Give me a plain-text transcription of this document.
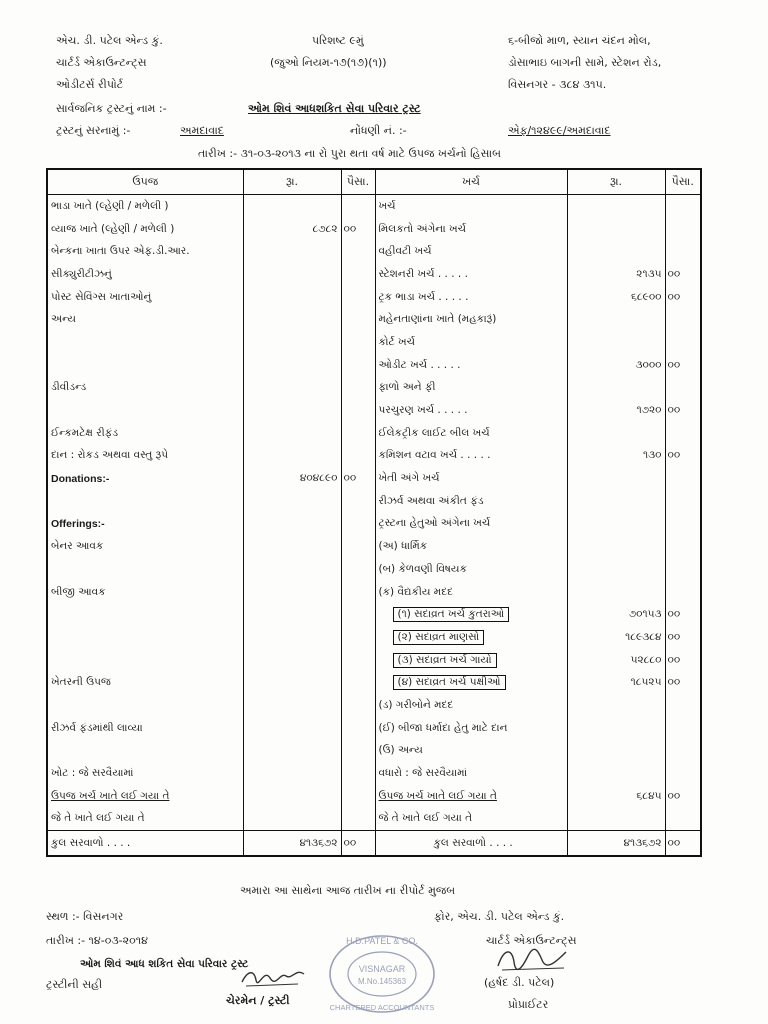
એચ. ડી. પટેલ એન્ડ કું.
ચાર્ટર્ડ એકાઉન્ટન્ટ્સ
ઓડીટર્સ રીપોર્ટ
પરિશષ્ટ ૯મું
(જુઓ નિયમ-૧૭(૧૭)(૧))
૬-બીજો માળ, સ્યાન ચંદન મોલ,
ડોસાભાઇ બાગની સામે, સ્ટેશન રોડ,
વિસનગર - ૩૮૪ ૩૧૫.
સાર્વજનિક ટ્રસ્ટનું નામ :-	ઓમ શિવં આધશકિત સેવા પરિવાર ટ્રસ્ટ
ટ્રસ્ટનું સરનામું :-	અમદાવાદ	નોંધણી નં. :-	એફ/૧૨૪૯૯/અમદાવાદ
તારીખ :- ૩૧-૦૩-૨૦૧૩ ના રો પુરા થતા વર્ષ માટે ઉપજ ખર્ચનો હિસાબ
ઉપજ	રૂા.	પૈસા.	ખર્ચ	રૂા.	પૈસા.
ભાડા ખાતે (લ્હેણી / મળેલી )			ખર્ચ		
વ્યાજ ખાતે (લ્હેણી / મળેલી )	૮૭૮૨	૦૦	મિલકતો અંગેના ખર્ચ		
બેન્કના ખાતા ઉપર એફ.ડી.આર.			વહીવટી ખર્ચ		
સીક્યુરીટીઝનું			સ્ટેશનરી ખર્ચ . . . . .	૨૧૩૫	૦૦
પોસ્ટ સેવિંગ્સ ખાતાઓનું			ટ્રક ભાડા ખર્ચ . . . . .	૬૮૯૦૦	૦૦
અન્ય			મહેનતાણાંના ખાતે (મહકારૂં)		
			કોર્ટ ખર્ચ		
			ઓડીટ ખર્ચ . . . . .	૩૦૦૦	૦૦
ડીવીડન્ડ			ફાળો અને ફી		
			પરચુરણ ખર્ચ . . . . .	૧૭૨૦	૦૦
ઈન્કમટેક્ષ રીફંડ			ઈલેકટ્રીક લાઈટ બીલ ખર્ચ		
દાન : રોકડ અથવા વસ્તુ રૂપે			કમિશન વટાવ ખર્ચ . . . . .	૧૩૦	૦૦
Donations:-	૪૦૪૮૯૦	૦૦	ખેતી અંગે ખર્ચ		
			રીઝર્વ અથવા અંકીત ફંડ		
Offerings:-			ટ્રસ્ટના હેતુઓ અંગેના ખર્ચ		
બેનર આવક			(અ) ધાર્મિક		
			(બ) કેળવણી વિષયક		
બીજી આવક			(ક) વૈદ્યકીય મદદ		
			(૧) સદાવ્રત ખર્ચ કુતરાઓ	૭૦૧૫૩	૦૦
			(૨) સદાવ્રત માણસો	૧૮૯૩૮૪	૦૦
			(૩) સદાવ્રત ખર્ચ ગાયો	૫૨૮૮૦	૦૦
ખેતરની ઉપજ			(૪) સદાવ્રત ખર્ચ પક્ષીઓ	૧૮૫૨૫	૦૦
			(ડ) ગરીબોને મદદ		
રીઝર્વ ફંડમાંથી લાવ્યા			(ઈ) બીજા ધર્માદા હેતુ માટે દાન		
			(ઉ) અન્ય		
ખોટ : જે સરવૈયામાં			વધારો : જે સરવૈયામાં		
ઉપજ ખર્ચ ખાતે લઈ ગયા તે			ઉપજ ખર્ચ ખાતે લઈ ગયા તે	૬૮૪૫	૦૦
જે તે ખાતે લઈ ગયા તે			જે તે ખાતે લઈ ગયા તે		
કુલ સરવાળો . . . .	૪૧૩૬૭૨	૦૦	કુલ સરવાળો . . . .	૪૧૩૬૭૨	૦૦
અમારા આ સાથેના આજ તારીખ ના રીપોર્ટ મુજબ
સ્થળ :- વિસનગર
તારીખ :- ૧૪-૦૩-૨૦૧૪
ફોર, એચ. ડી. પટેલ એન્ડ કું.
ચાર્ટર્ડ એકાઉન્ટન્ટ્સ
ઓમ શિવં આધ શકિત સેવા પરિવાર ટ્રસ્ટ
ટ્રસ્ટીની સહી
ચેરમેન / ટ્રસ્ટી
(હર્ષદ ડી. પટેલ)
પ્રોપ્રાઈટર
H.D.PATEL & CO.
VISNAGAR
M.No.145363
CHARTERED ACCOUNTANTS
